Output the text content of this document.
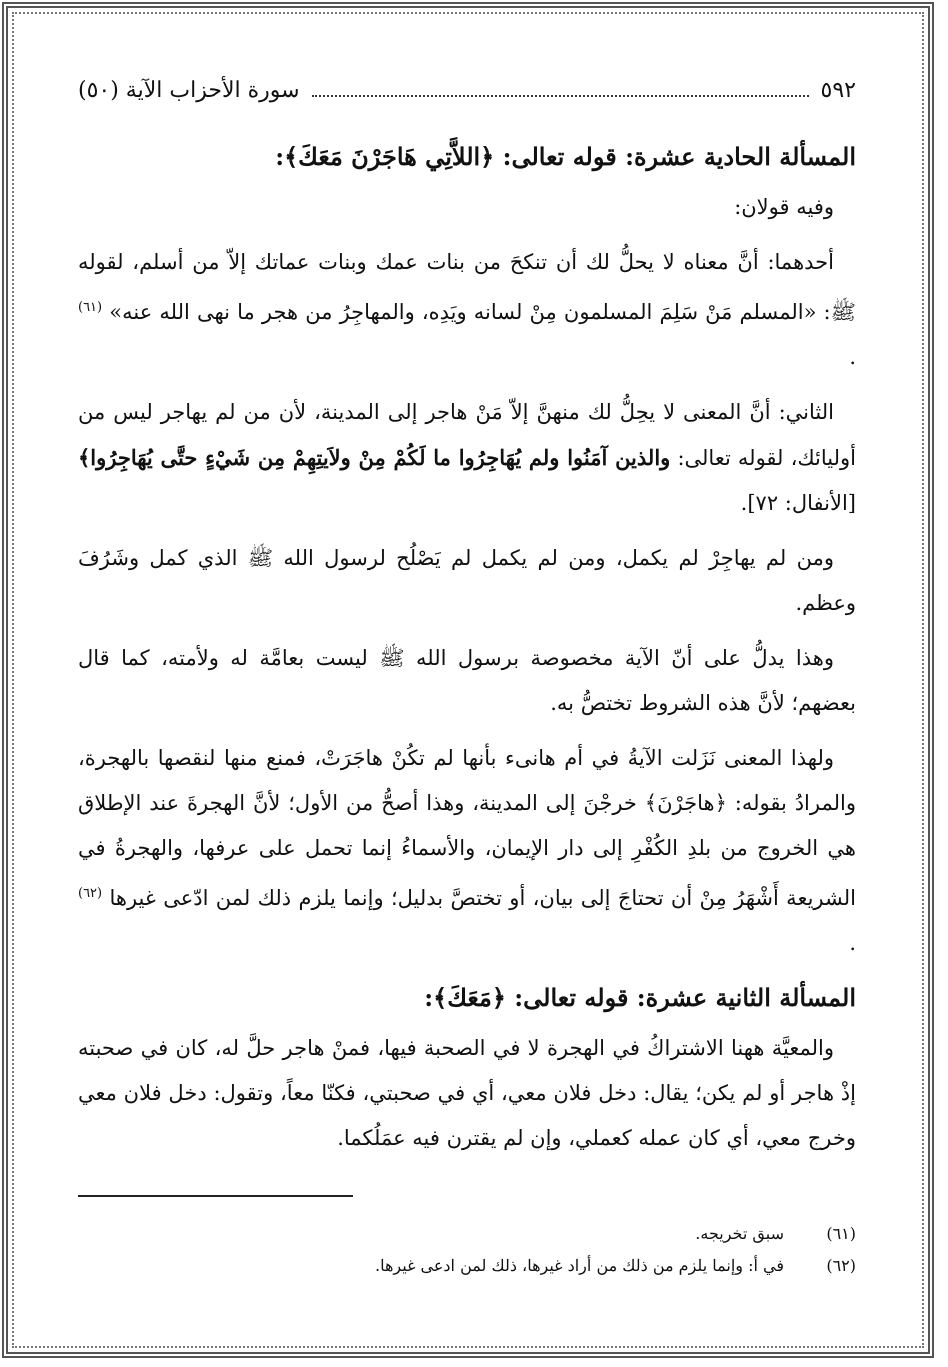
٥٩٢
سورة الأحزاب الآية (٥٠)
المسألة الحادية عشرة: قوله تعالى: ﴿اللاَّتِي هَاجَرْنَ مَعَكَ﴾:
وفيه قولان:
أحدهما: أنَّ معناه لا يحلُّ لك أن تنكحَ من بنات عمك وبنات عماتك إلاّ من أسلم، لقوله ﷺ: «المسلم مَنْ سَلِمَ المسلمون مِنْ لسانه ويَدِه، والمهاجِرُ من هجر ما نهى الله عنه» $^{(٦١)}$ .
الثاني: أنَّ المعنى لا يحِلُّ لك منهنَّ إلاّ مَنْ هاجر إلى المدينة، لأن من لم يهاجر ليس من أوليائك، لقوله تعالى: والذين آمَنُوا ولم يُهَاجِرُوا ما لَكُمْ مِنْ ولاَيتِهِمْ مِن شَيْءٍ حتَّى يُهَاجِرُوا﴾ [الأنفال: ٧٢].
ومن لم يهاجِرْ لم يكمل، ومن لم يكمل لم يَصْلُح لرسول الله ﷺ الذي كمل وشَرُفَ وعظم.
وهذا يدلُّ على أنّ الآية مخصوصة برسول الله ﷺ ليست بعامَّة له ولأمته، كما قال بعضهم؛ لأنَّ هذه الشروط تختصُّ به.
ولهذا المعنى نَزَلت الآيةُ في أم هانىء بأنها لم تكُنْ هاجَرَتْ، فمنع منها لنقصها بالهجرة، والمرادُ بقوله: ﴿هاجَرْنَ﴾ خرجْنَ إلى المدينة، وهذا أصحُّ من الأول؛ لأنَّ الهجرةَ عند الإطلاق هي الخروج من بلدِ الكُفْرِ إلى دار الإيمان، والأسماءُ إنما تحمل على عرفها، والهجرةُ في الشريعة أَشْهَرُ مِنْ أن تحتاجَ إلى بيان، أو تختصَّ بدليل؛ وإنما يلزم ذلك لمن ادّعى غيرها $^{(٦٢)}$ .
المسألة الثانية عشرة: قوله تعالى: ﴿مَعَكَ﴾:
والمعيَّة ههنا الاشتراكُ في الهجرة لا في الصحبة فيها، فمنْ هاجر حلَّ له، كان في صحبته إذْ هاجر أو لم يكن؛ يقال: دخل فلان معي، أي في صحبتي، فكنّا معاً، وتقول: دخل فلان معي وخرج معي، أي كان عمله كعملي، وإن لم يقترن فيه عمَلُكما.
(٦١)
سبق تخريجه.
(٦٢)
في أ: وإنما يلزم من ذلك من أراد غيرها، ذلك لمن ادعى غيرها.
